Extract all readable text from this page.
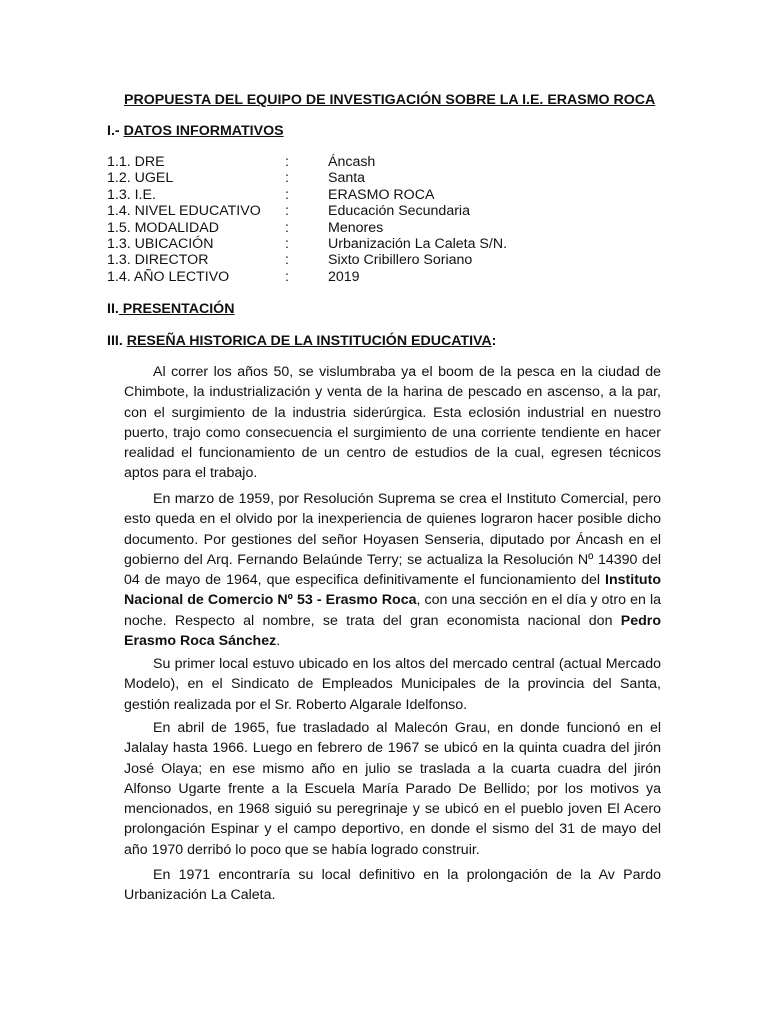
PROPUESTA DEL EQUIPO DE INVESTIGACIÓN SOBRE LA I.E. ERASMO ROCA
I.- DATOS INFORMATIVOS
1.1. DRE	:	Áncash
1.2. UGEL	:	Santa
1.3. I.E.	:	ERASMO ROCA
1.4. NIVEL EDUCATIVO :	Educación Secundaria
1.5. MODALIDAD	:	Menores
1.3. UBICACIÓN	:	Urbanización La Caleta S/N.
1.3. DIRECTOR	:	Sixto Cribillero Soriano
1.4. AÑO LECTIVO	:	2019
II. PRESENTACIÓN
III. RESEÑA HISTORICA DE LA INSTITUCIÓN EDUCATIVA:

Al correr los años 50, se vislumbraba ya el boom de la pesca en la ciudad de Chimbote, la industrialización y venta de la harina de pescado en ascenso, a la par, con el surgimiento de la industria siderúrgica. Esta eclosión industrial en nuestro puerto, trajo como consecuencia el surgimiento de una corriente tendiente en hacer realidad el funcionamiento de un centro de estudios de la cual, egresen técnicos aptos para el trabajo.

En marzo de 1959, por Resolución Suprema se crea el Instituto Comercial, pero esto queda en el olvido por la inexperiencia de quienes lograron hacer posible dicho documento. Por gestiones del señor Hoyasen Senseria, diputado por Áncash en el gobierno del Arq. Fernando Belaúnde Terry; se actualiza la Resolución Nº 14390 del 04 de mayo de 1964, que especifica definitivamente el funcionamiento del Instituto Nacional de Comercio Nº 53 - Erasmo Roca, con una sección en el día y otro en la noche. Respecto al nombre, se trata del gran economista nacional don Pedro Erasmo Roca Sánchez.

Su primer local estuvo ubicado en los altos del mercado central (actual Mercado Modelo), en el Sindicato de Empleados Municipales de la provincia del Santa, gestión realizada por el Sr. Roberto Algarale Idelfonso.

En abril de 1965, fue trasladado al Malecón Grau, en donde funcionó en el Jalalay hasta 1966. Luego en febrero de 1967 se ubicó en la quinta cuadra del jirón José Olaya; en ese mismo año en julio se traslada a la cuarta cuadra del jirón Alfonso Ugarte frente a la Escuela María Parado De Bellido; por los motivos ya mencionados, en 1968 siguió su peregrinaje y se ubicó en el pueblo joven El Acero prolongación Espinar y el campo deportivo, en donde el sismo del 31 de mayo del año 1970 derribó lo poco que se había logrado construir.

En 1971 encontraría su local definitivo en la prolongación de la Av Pardo Urbanización La Caleta.
